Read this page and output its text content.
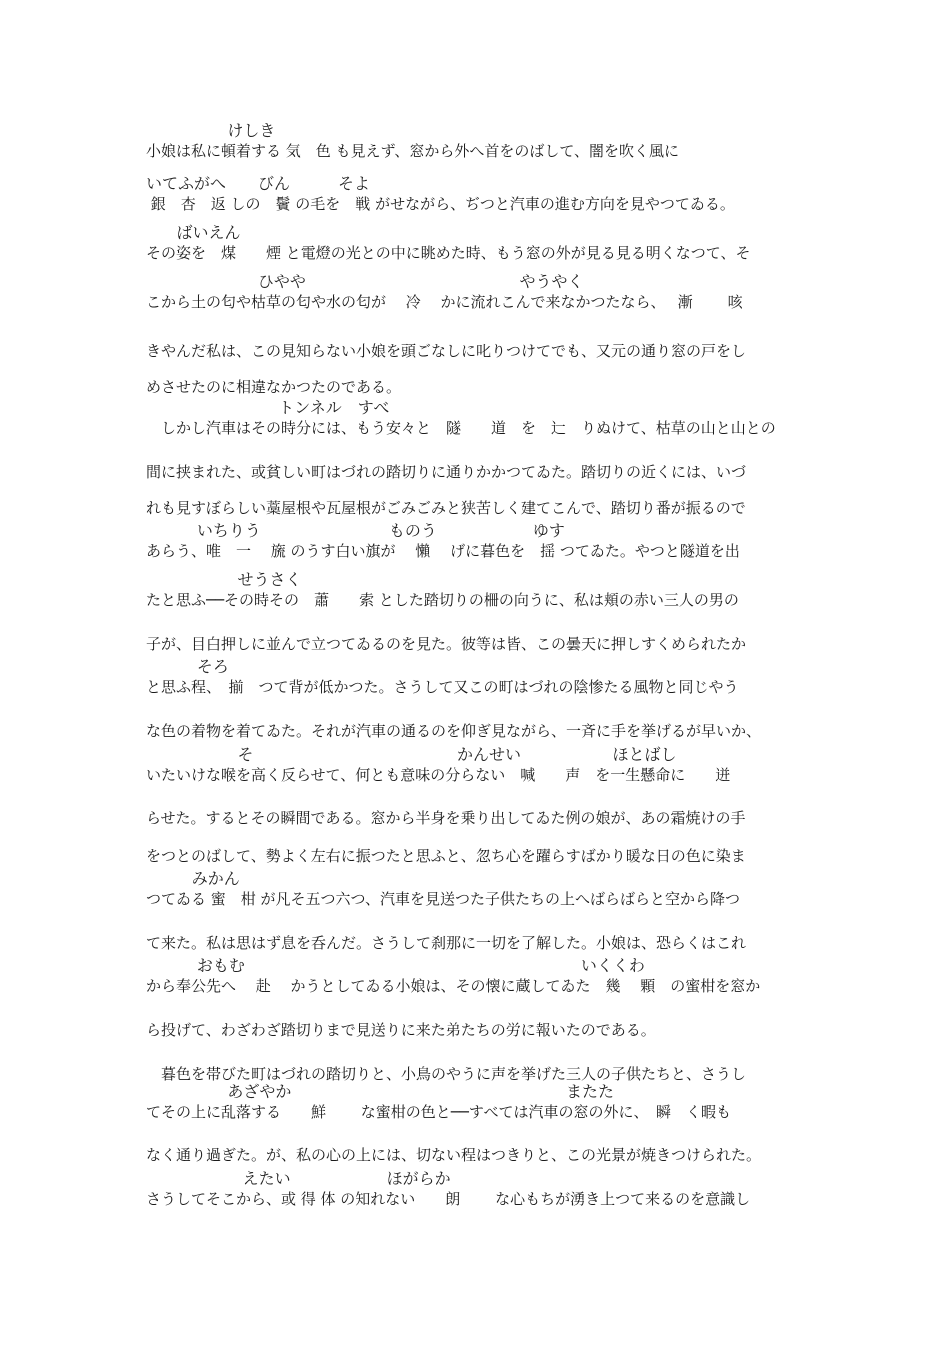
けしき
小娘は私に頓着する 気　色 も見えず、窓から外へ首をのばして、闇を吹く風に
いてふがへ　　びん　　　そよ
銀　杏　返 しの　鬢 の毛を　戦 がせながら、ぢつと汽車の進む方向を見やつてゐる。
ばいえん
その姿を　煤　　煙 と電燈の光との中に眺めた時、もう窓の外が見る見る明くなつて、そ
ひやや                                          やうやく
こから土の匂や枯草の匂や水の匂が　 冷　 かに流れこんで来なかつたなら、　 漸　　 咳
きやんだ私は、この見知らない小娘を頭ごなしに叱りつけてでも、又元の通り窓の戸をし
めさせたのに相違なかつたのである。
トンネル　すべ
　しかし汽車はその時分には、もう安々と　隧　　道　を　辷　りぬけて、枯草の山と山との
間に挟まれた、或貧しい町はづれの踏切りに通りかかつてゐた。踏切りの近くには、いづ
れも見すぼらしい藁屋根や瓦屋根がごみごみと狭苦しく建てこんで、踏切り番が振るので
いちりう　　　　　　　　ものう　　　　　　ゆす
あらう、唯　一　 旒 のうす白い旗が　 懶　 げに暮色を　揺 つてゐた。やつと隧道を出
せうさく
たと思ふ──その時その　蕭　　索 とした踏切りの柵の向うに、私は頬の赤い三人の男の
子が、目白押しに並んで立つてゐるのを見た。彼等は皆、この曇天に押しすくめられたか
そろ
と思ふ程、　揃　つて背が低かつた。さうして又この町はづれの陰惨たる風物と同じやう
な色の着物を着てゐた。それが汽車の通るのを仰ぎ見ながら、一斉に手を挙げるが早いか、
そ                                        かんせい                  ほとばし
いたいけな喉を高く反らせて、何とも意味の分らない　喊　　声　を一生懸命に　　迸
らせた。するとその瞬間である。窓から半身を乗り出してゐた例の娘が、あの霜焼けの手
をつとのばして、勢よく左右に振つたと思ふと、忽ち心を躍らすばかり暖な日の色に染ま
みかん
つてゐる 蜜　柑 が凡そ五つ六つ、汽車を見送つた子供たちの上へばらばらと空から降つ
て来た。私は思はず息を呑んだ。さうして刹那に一切を了解した。小娘は、恐らくはこれ
おもむ　　　　　　　　　　　　　　　　　　　　　いくくわ
から奉公先へ　 赴　 かうとしてゐる小娘は、その懐に蔵してゐた　幾　 顆　の蜜柑を窓か
ら投げて、わざわざ踏切りまで見送りに来た弟たちの労に報いたのである。
　暮色を帯びた町はづれの踏切りと、小鳥のやうに声を挙げた三人の子供たちと、さうし
あざやか                                                      またた
てその上に乱落する　　鮮　　 な蜜柑の色と──すべては汽車の窓の外に、　瞬　く暇も
なく通り過ぎた。が、私の心の上には、切ない程はつきりと、この光景が焼きつけられた。
えたい　　　　　　ほがらか
さうしてそこから、或 得 体 の知れない　　朗　　 な心もちが湧き上つて来るのを意識し
